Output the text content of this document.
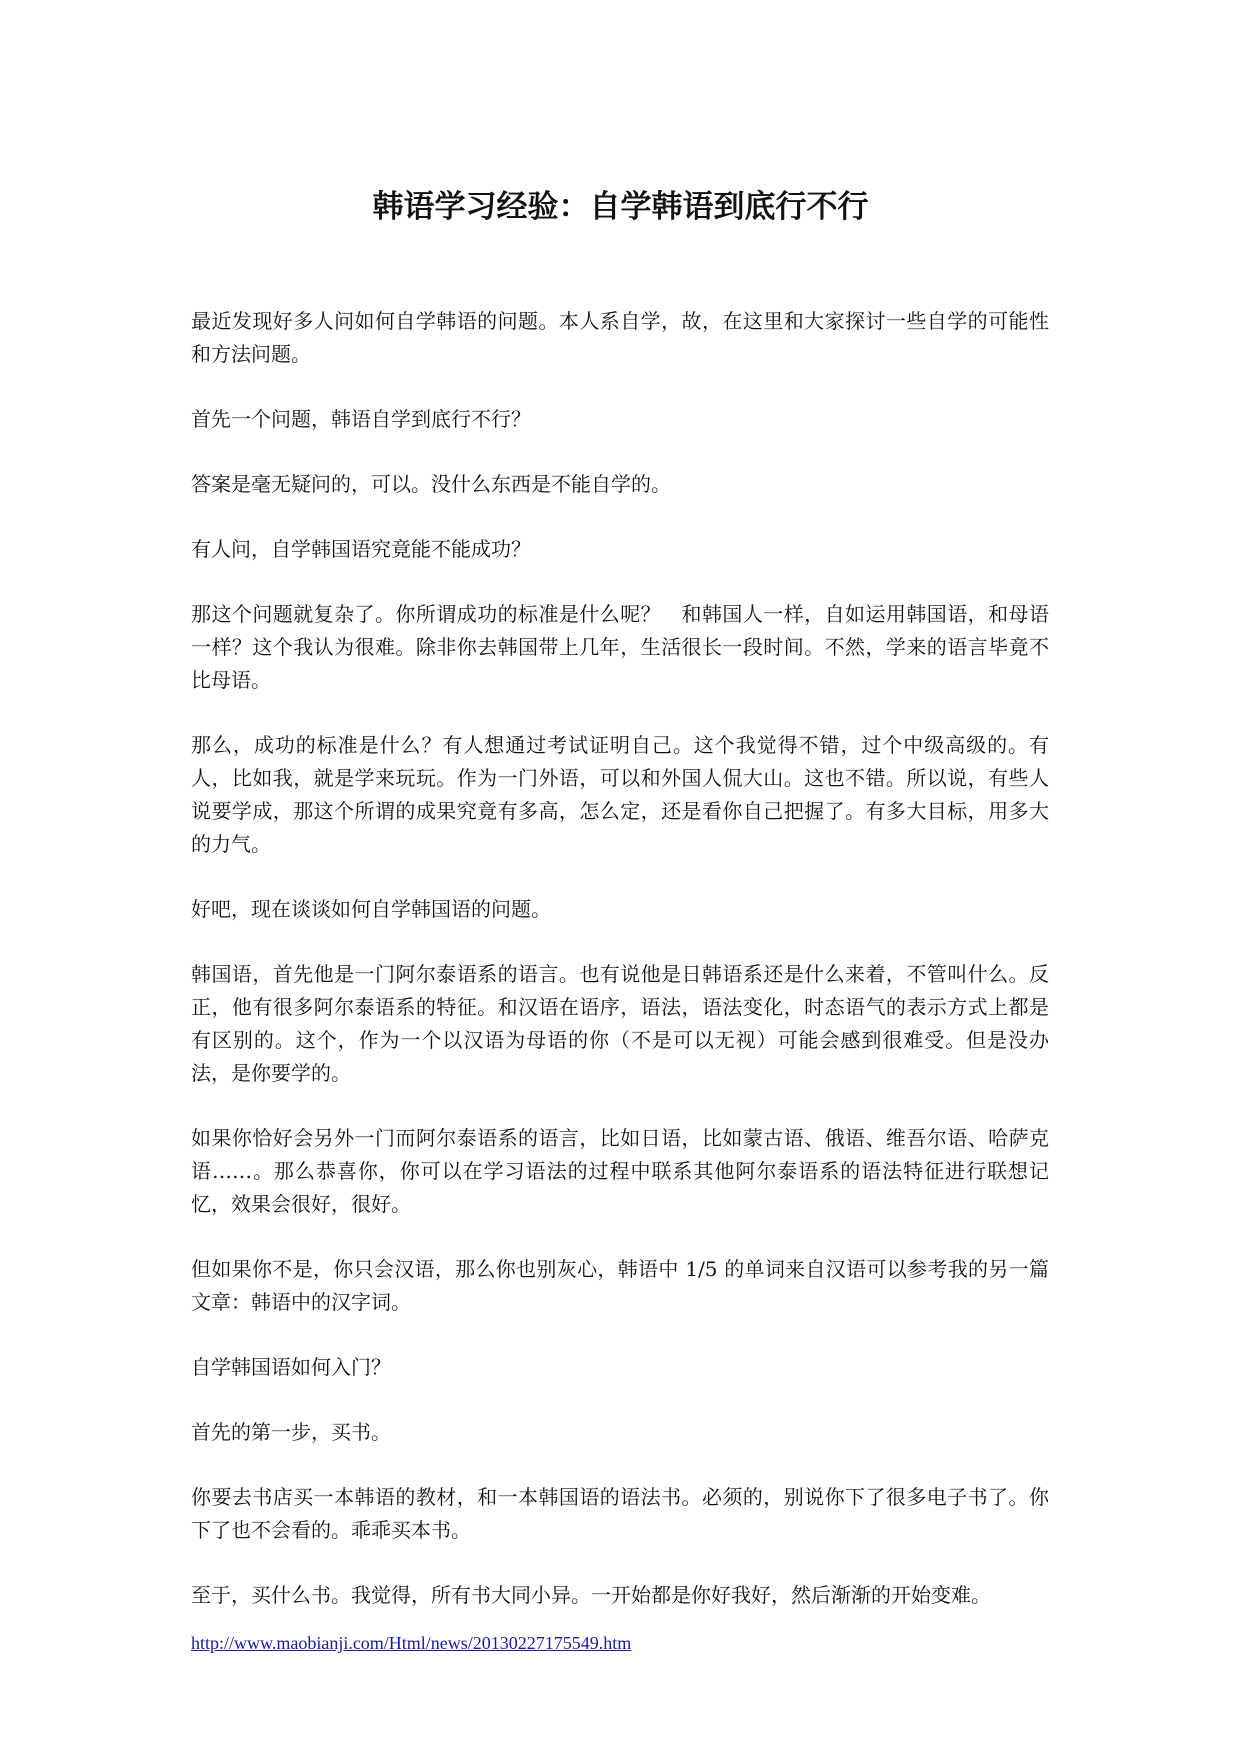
韩语学习经验：自学韩语到底行不行

最近发现好多人问如何自学韩语的问题。本人系自学，故，在这里和大家探讨一些自学的可能性和方法问题。

首先一个问题，韩语自学到底行不行？

答案是毫无疑问的，可以。没什么东西是不能自学的。

有人问，自学韩国语究竟能不能成功？

那这个问题就复杂了。你所谓成功的标准是什么呢？　和韩国人一样，自如运用韩国语，和母语一样？这个我认为很难。除非你去韩国带上几年，生活很长一段时间。不然，学来的语言毕竟不比母语。

那么，成功的标准是什么？有人想通过考试证明自己。这个我觉得不错，过个中级高级的。有人，比如我，就是学来玩玩。作为一门外语，可以和外国人侃大山。这也不错。所以说，有些人说要学成，那这个所谓的成果究竟有多高，怎么定，还是看你自己把握了。有多大目标，用多大的力气。

好吧，现在谈谈如何自学韩国语的问题。

韩国语，首先他是一门阿尔泰语系的语言。也有说他是日韩语系还是什么来着，不管叫什么。反正，他有很多阿尔泰语系的特征。和汉语在语序，语法，语法变化，时态语气的表示方式上都是有区别的。这个，作为一个以汉语为母语的你（不是可以无视）可能会感到很难受。但是没办法，是你要学的。

如果你恰好会另外一门而阿尔泰语系的语言，比如日语，比如蒙古语、俄语、维吾尔语、哈萨克语……。那么恭喜你，你可以在学习语法的过程中联系其他阿尔泰语系的语法特征进行联想记忆，效果会很好，很好。

但如果你不是，你只会汉语，那么你也别灰心，韩语中 1/5 的单词来自汉语可以参考我的另一篇文章：韩语中的汉字词。

自学韩国语如何入门？

首先的第一步，买书。

你要去书店买一本韩语的教材，和一本韩国语的语法书。必须的，别说你下了很多电子书了。你下了也不会看的。乖乖买本书。

至于，买什么书。我觉得，所有书大同小异。一开始都是你好我好，然后渐渐的开始变难。

http://www.maobianji.com/Html/news/20130227175549.htm
